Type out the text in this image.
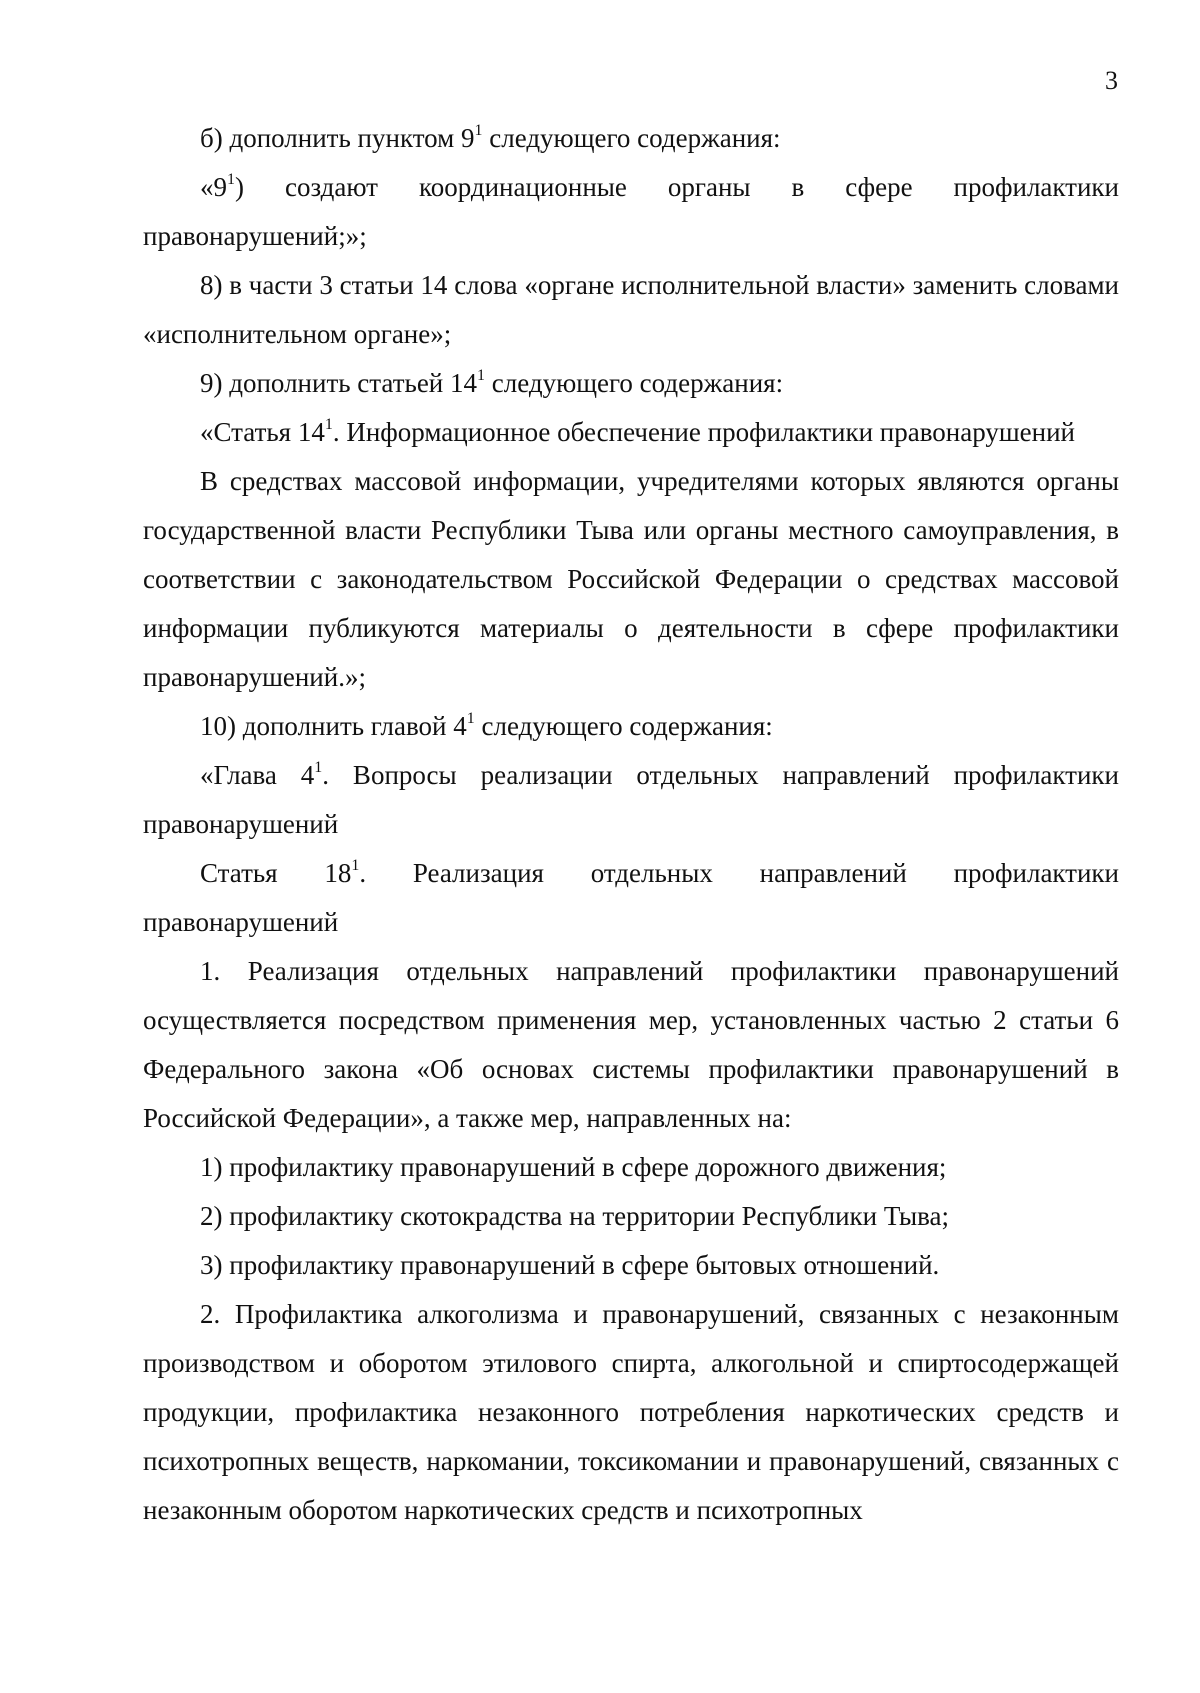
3

б) дополнить пунктом $9^1$ следующего содержания:

«$9^1$) создают координационные органы в сфере профилактики правонарушений;»;

8) в части 3 статьи 14 слова «органе исполнительной власти» заменить словами «исполнительном органе»;

9) дополнить статьей $14^1$ следующего содержания:

«Статья $14^1$. Информационное обеспечение профилактики правонарушений

В средствах массовой информации, учредителями которых являются органы государственной власти Республики Тыва или органы местного самоуправления, в соответствии с законодательством Российской Федерации о средствах массовой информации публикуются материалы о деятельности в сфере профилактики правонарушений.»;

10) дополнить главой $4^1$ следующего содержания:

«Глава $4^1$. Вопросы реализации отдельных направлений профилактики правонарушений

Статья $18^1$. Реализация отдельных направлений профилактики правонарушений

1. Реализация отдельных направлений профилактики правонарушений осуществляется посредством применения мер, установленных частью 2 статьи 6 Федерального закона «Об основах системы профилактики правонарушений в Российской Федерации», а также мер, направленных на:

1) профилактику правонарушений в сфере дорожного движения;

2) профилактику скотокрадства на территории Республики Тыва;

3) профилактику правонарушений в сфере бытовых отношений.

2. Профилактика алкоголизма и правонарушений, связанных с незаконным производством и оборотом этилового спирта, алкогольной и спиртосодержащей продукции, профилактика незаконного потребления наркотических средств и психотропных веществ, наркомании, токсикомании и правонарушений, связанных с незаконным оборотом наркотических средств и психотропных
